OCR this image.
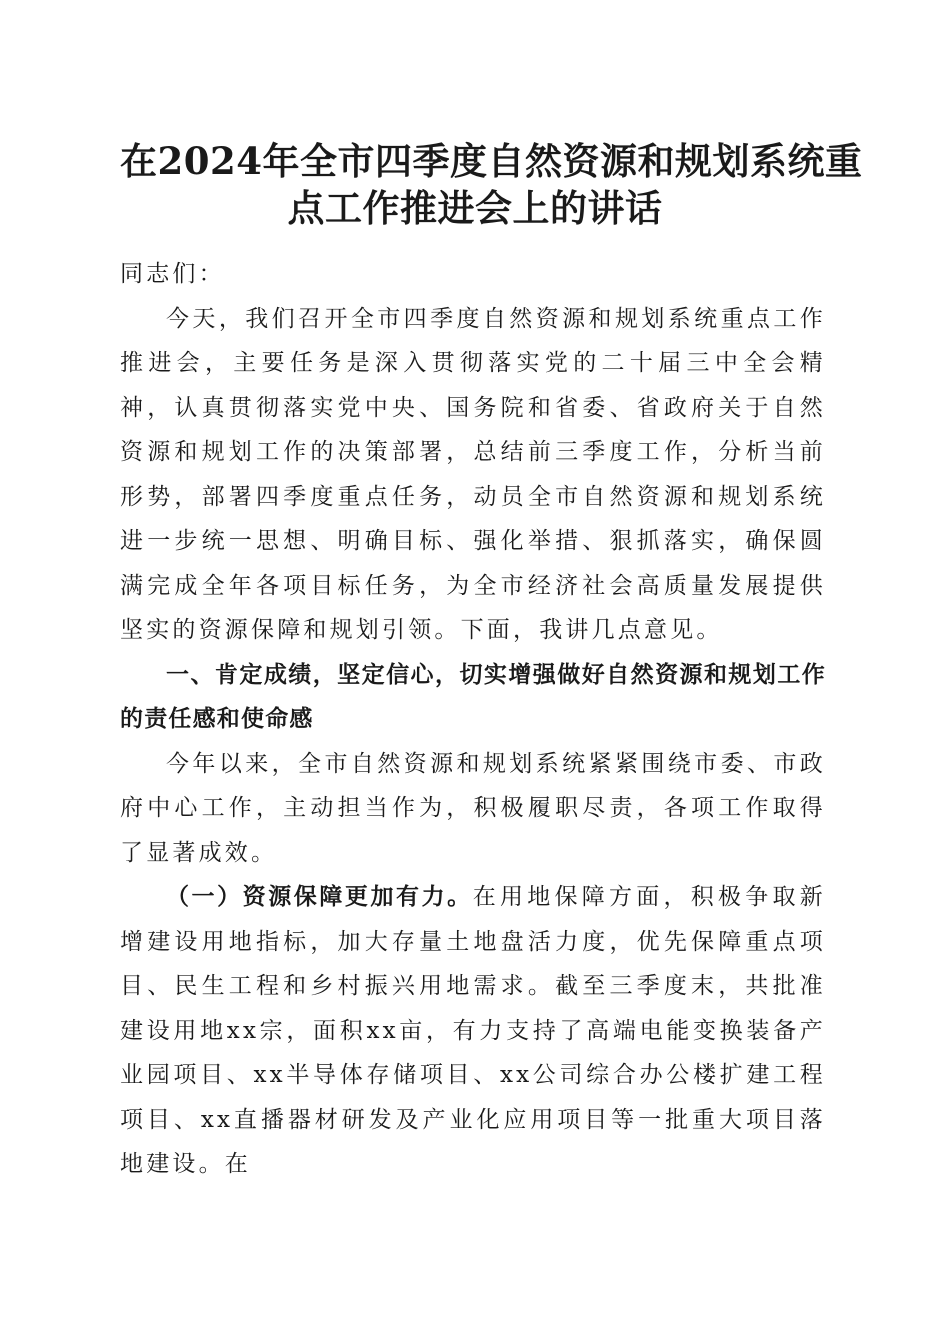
在2024年全市四季度自然资源和规划系统重
点工作推进会上的讲话

同志们：

今天，我们召开全市四季度自然资源和规划系统重点工作推进会，主要任务是深入贯彻落实党的二十届三中全会精神，认真贯彻落实党中央、国务院和省委、省政府关于自然资源和规划工作的决策部署，总结前三季度工作，分析当前形势，部署四季度重点任务，动员全市自然资源和规划系统进一步统一思想、明确目标、强化举措、狠抓落实，确保圆满完成全年各项目标任务，为全市经济社会高质量发展提供坚实的资源保障和规划引领。下面，我讲几点意见。

一、肯定成绩，坚定信心，切实增强做好自然资源和规划工作的责任感和使命感

今年以来，全市自然资源和规划系统紧紧围绕市委、市政府中心工作，主动担当作为，积极履职尽责，各项工作取得了显著成效。

（一）资源保障更加有力。在用地保障方面，积极争取新增建设用地指标，加大存量土地盘活力度，优先保障重点项目、民生工程和乡村振兴用地需求。截至三季度末，共批准建设用地xx宗，面积xx亩，有力支持了高端电能变换装备产业园项目、xx半导体存储项目、xx公司综合办公楼扩建工程项目、xx直播器材研发及产业化应用项目等一批重大项目落地建设。在
